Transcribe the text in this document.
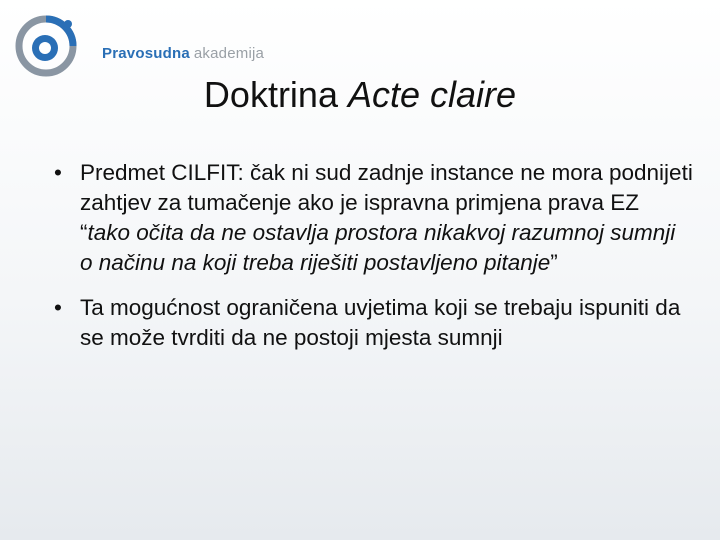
Pravosudna akademija
Doktrina Acte claire
• Predmet CILFIT: čak ni sud zadnje instance ne mora podnijeti zahtjev za tumačenje ako je ispravna primjena prava EZ “tako očita da ne ostavlja prostora nikakvoj razumnoj sumnji o načinu na koji treba riješiti postavljeno pitanje”
• Ta mogućnost ograničena uvjetima koji se trebaju ispuniti da se može tvrditi da ne postoji mjesta sumnji
